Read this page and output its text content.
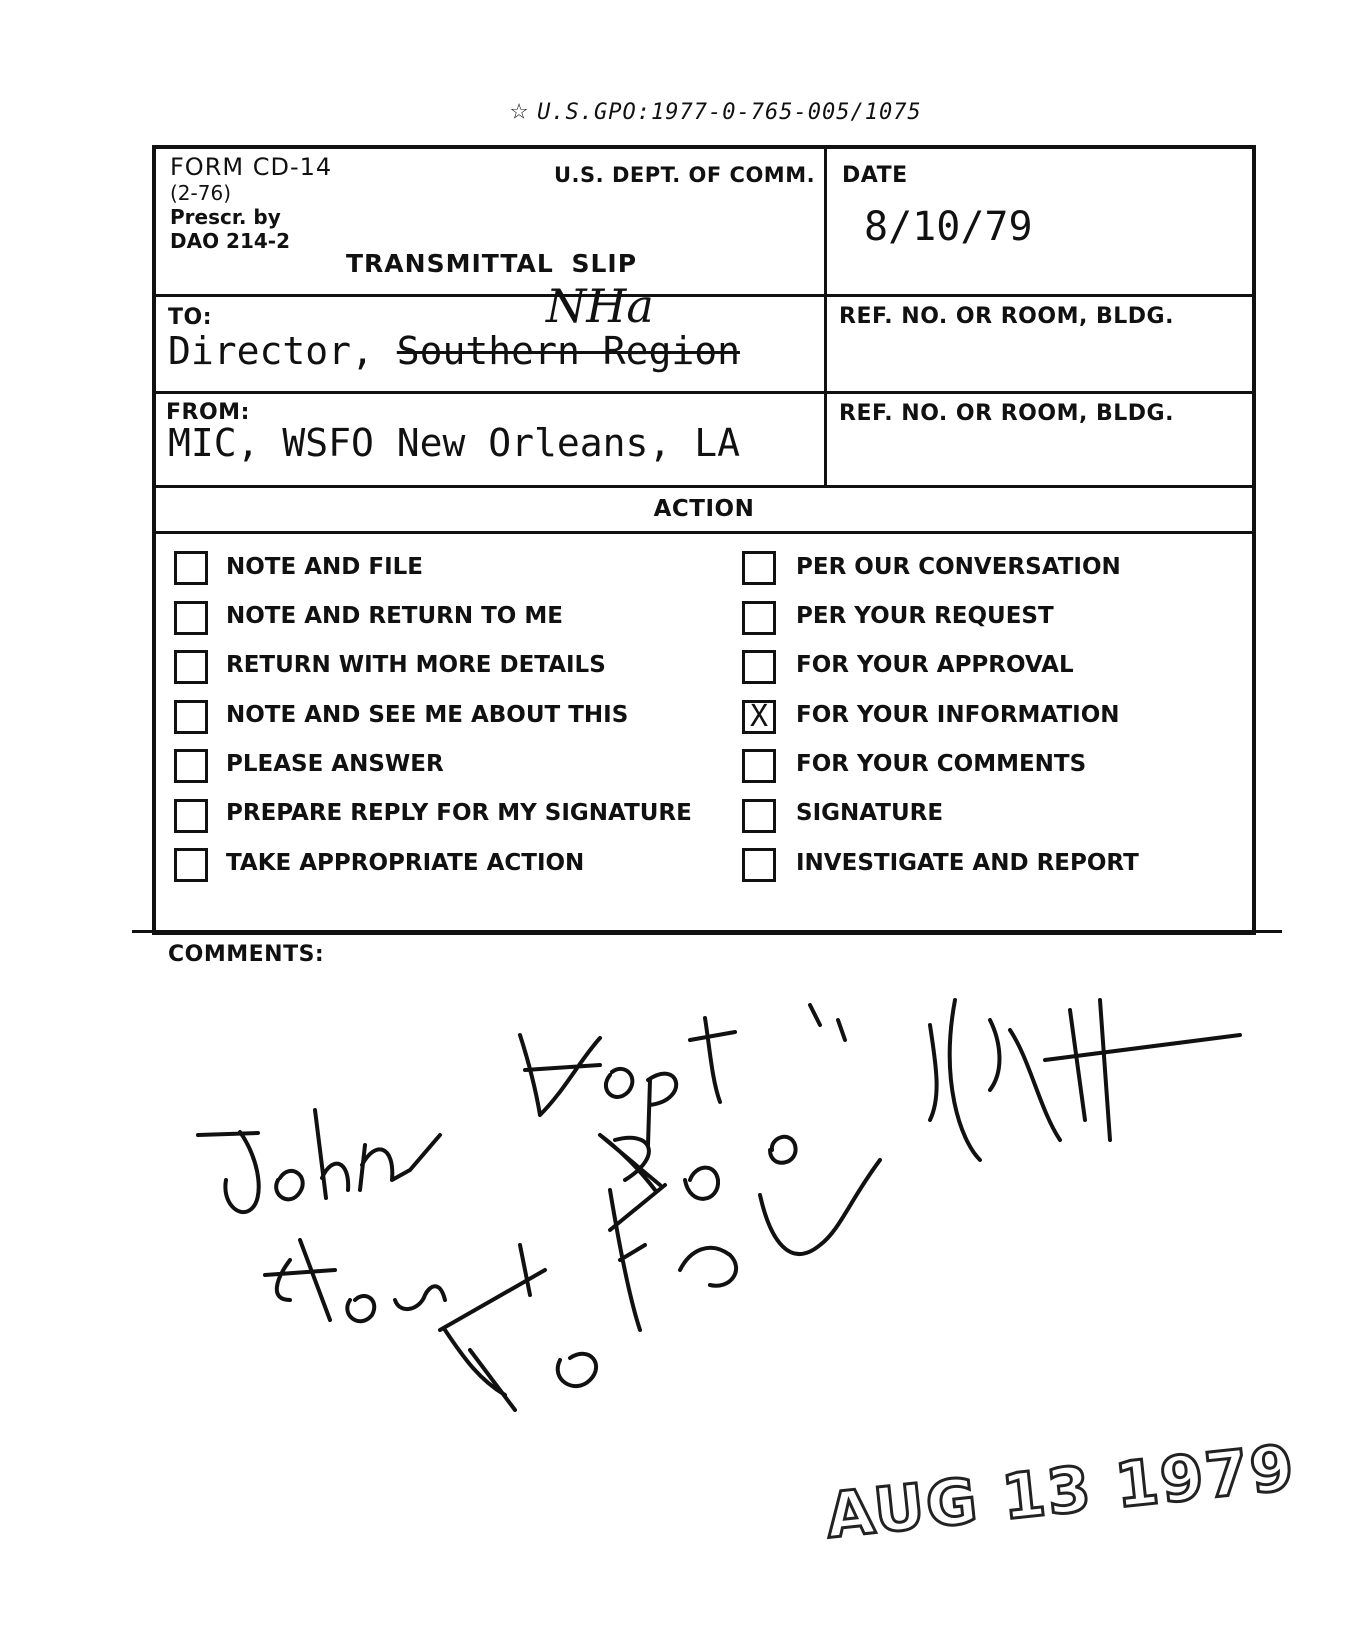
☆ U.S.GPO:1977-0-765-005/1075
FORM CD-14
(2-76)
Prescr. by
DAO 214-2
U.S. DEPT. OF COMM.
TRANSMITTAL SLIP
DATE
8/10/79
TO:
Director, Southern Region
NHa	REF. NO. OR ROOM, BLDG.
FROM:
MIC, WSFO New Orleans, LA
REF. NO. OR ROOM, BLDG.
ACTION
NOTE AND FILE
NOTE AND RETURN TO ME
RETURN WITH MORE DETAILS
NOTE AND SEE ME ABOUT THIS
PLEASE ANSWER
PREPARE REPLY FOR MY SIGNATURE
TAKE APPROPRIATE ACTION
PER OUR CONVERSATION
PER YOUR REQUEST
FOR YOUR APPROVAL
X	FOR YOUR INFORMATION
FOR YOUR COMMENTS
SIGNATURE
INVESTIGATE AND REPORT
COMMENTS:
AUG 13 1979
